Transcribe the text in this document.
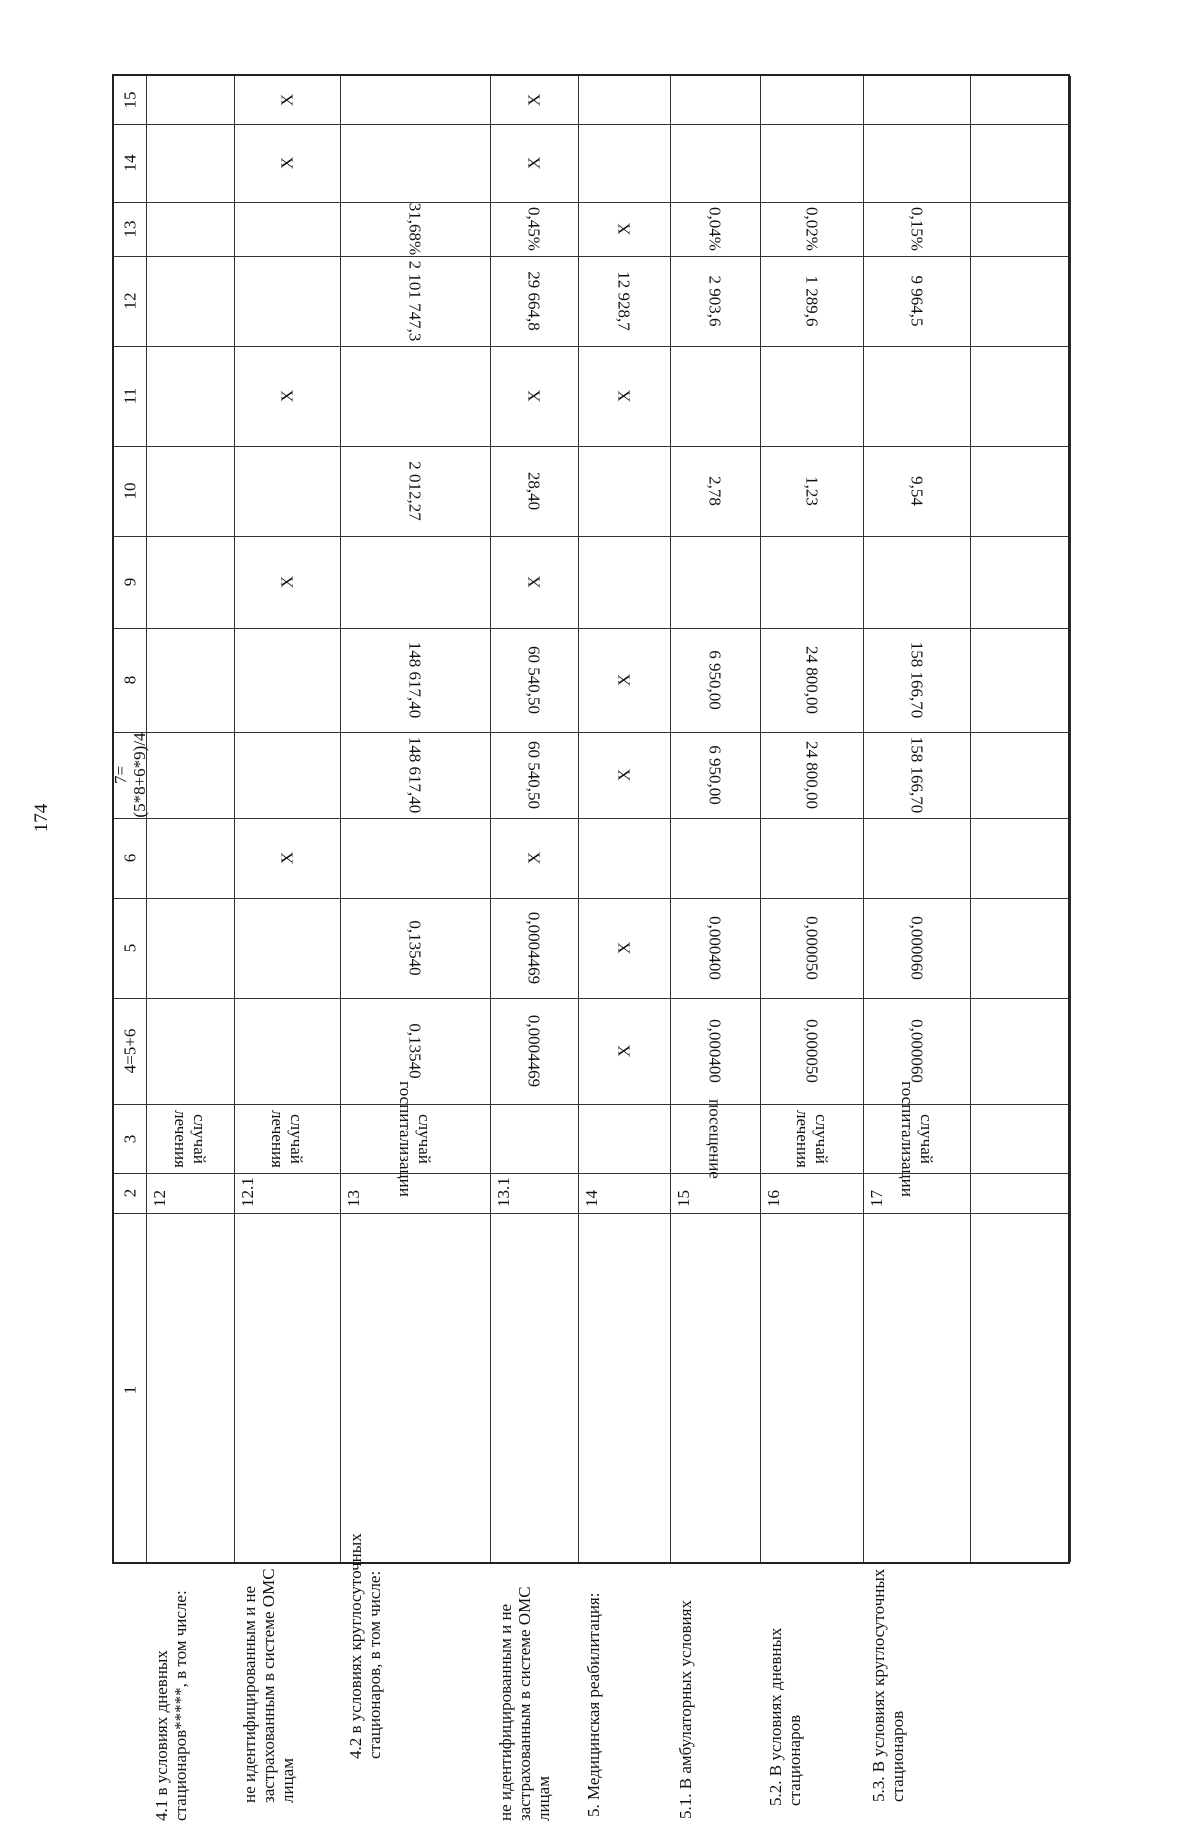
174
15
14
13
12
11
10
9
8
7=
(5*8+6*9)/4
6
5
4=5+6
3
2
1
случай
лечения
12
4.1 в условиях дневных
стационаров*****, в том числе:
X
X
X
X
X
случай
лечения
12.1
не идентифицированным и не
застрахованным в системе ОМС
лицам
31,68%
2 101 747,3
2 012,27
148 617,40
148 617,40
0,13540
0,13540
случай
госпитализации
13
4.2 в условиях круглосуточных
стационаров, в том числе:
X
X
0,45%
29 664,8
X
28,40
X
60 540,50
60 540,50
X
0,0004469
0,0004469
13.1
не идентифицированным и не
застрахованным в системе ОМС
лицам
X
12 928,7
X
X
X
X
X
14
5. Медицинская реабилитация:
0,04%
2 903,6
2,78
6 950,00
6 950,00
0,000400
0,000400
посещение
15
5.1. В амбулаторных условиях
0,02%
1 289,6
1,23
24 800,00
24 800,00
0,000050
0,000050
случай
лечения
16
5.2. В условиях дневных
стационаров
0,15%
9 964,5
9,54
158 166,70
158 166,70
0,000060
0,000060
случай
госпитализации
17
5.3. В условиях круглосуточных
стационаров
